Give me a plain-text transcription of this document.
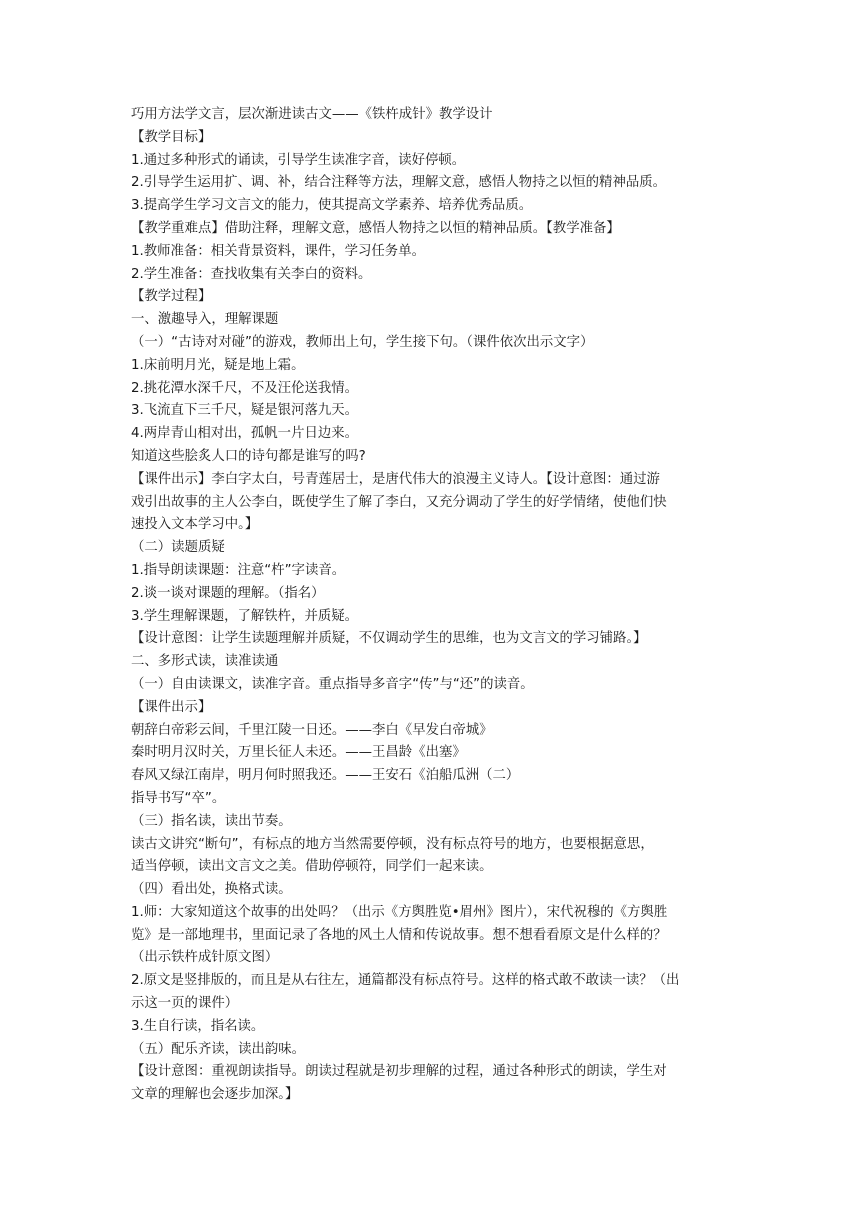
巧用方法学文言，层次渐进读古文——《铁杵成针》教学设计
【教学目标】
1.通过多种形式的诵读，引导学生读准字音，读好停顿。
2.引导学生运用扩、调、补，结合注释等方法，理解文意，感悟人物持之以恒的精神品质。
3.提高学生学习文言文的能力，使其提高文学素养、培养优秀品质。
【教学重难点】借助注释，理解文意，感悟人物持之以恒的精神品质。【教学准备】
1.教师准备：相关背景资料，课件，学习任务单。
2.学生准备：查找收集有关李白的资料。
【教学过程】
一、激趣导入，理解课题
（一）“古诗对对碰”的游戏，教师出上句，学生接下句。（课件依次出示文字）
1.床前明月光，疑是地上霜。
2.挑花潭水深千尺，不及汪伦送我情。
3.飞流直下三千尺，疑是银河落九天。
4.两岸青山相对出，孤帆一片日边来。
知道这些脍炙人口的诗句都是谁写的吗?
【课件出示】李白字太白，号青莲居士，是唐代伟大的浪漫主义诗人。【设计意图：通过游
戏引出故事的主人公李白，既使学生了解了李白，又充分调动了学生的好学情绪，使他们快
速投入文本学习中。】
（二）读题质疑
1.指导朗读课题：注意“杵”字读音。
2.谈一谈对课题的理解。（指名）
3.学生理解课题，了解铁杵，并质疑。
【设计意图：让学生读题理解并质疑，不仅调动学生的思维，也为文言文的学习铺路。】
二、多形式读，读准读通
（一）自由读课文，读准字音。重点指导多音字“传”与“还”的读音。
【课件出示】
朝辞白帝彩云间，千里江陵一日还。——李白《早发白帝城》
秦时明月汉时关，万里长征人未还。——王昌龄《出塞》
春风又绿江南岸，明月何时照我还。——王安石《泊船瓜洲（二）
指导书写“卒”。
（三）指名读，读出节奏。
读古文讲究“断句”，有标点的地方当然需要停顿，没有标点符号的地方，也要根据意思，
适当停顿，读出文言文之美。借助停顿符，同学们一起来读。
（四）看出处，换格式读。
1.师：大家知道这个故事的出处吗？（出示《方舆胜览•眉州》图片），宋代祝穆的《方舆胜
览》是一部地理书，里面记录了各地的风土人情和传说故事。想不想看看原文是什么样的？
（出示铁杵成针原文图）
2.原文是竖排版的，而且是从右往左，通篇都没有标点符号。这样的格式敢不敢读一读？（出
示这一页的课件）
3.生自行读，指名读。
（五）配乐齐读，读出韵味。
【设计意图：重视朗读指导。朗读过程就是初步理解的过程，通过各种形式的朗读，学生对
文章的理解也会逐步加深。】
